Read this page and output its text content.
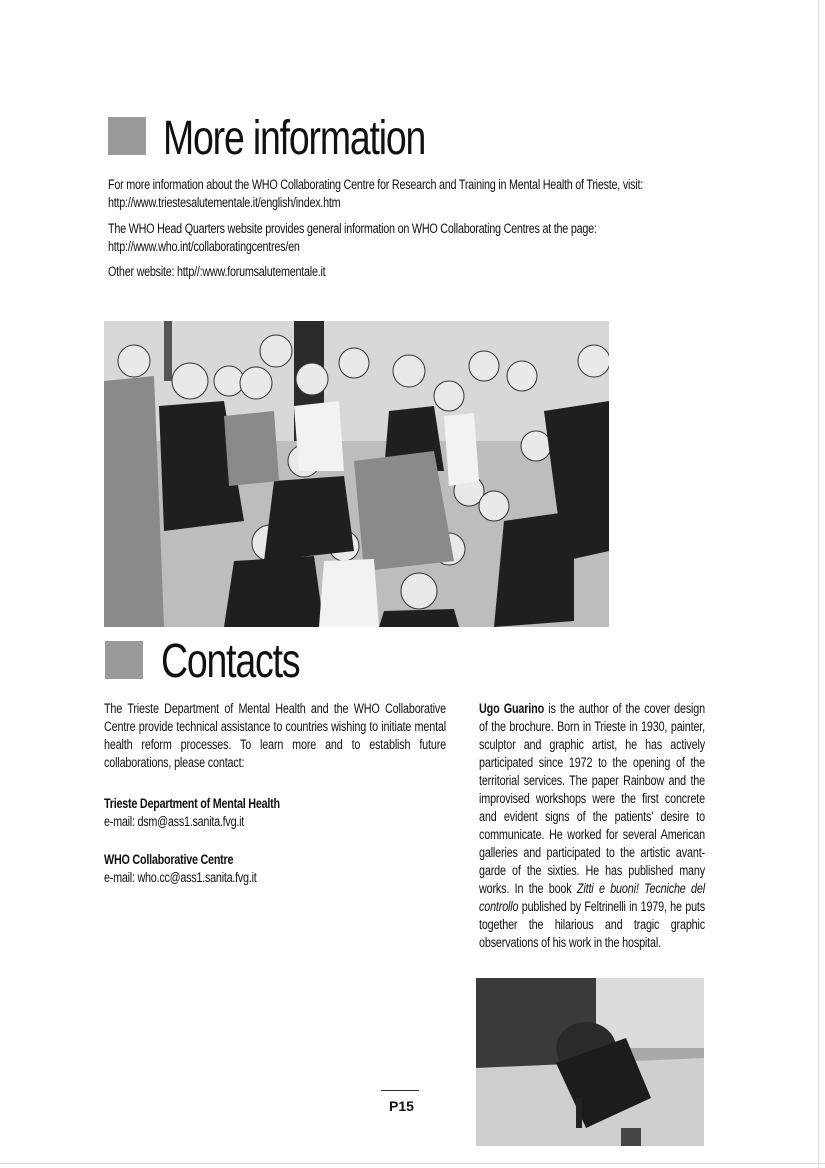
More information
For more information about the WHO Collaborating Centre for Research and Training in Mental Health of Trieste, visit:
http://www.triestesalutementale.it/english/index.htm
The WHO Head Quarters website provides general information on WHO Collaborating Centres at the page:
http://www.who.int/collaboratingcentres/en
Other website: http//:www.forumsalutementale.it
Contacts
The Trieste Department of Mental Health and the WHO Collaborative Centre provide technical assistance to countries wishing to initiate mental health reform processes. To learn more and to establish future collaborations, please contact:
Trieste Department of Mental Health
e-mail: dsm@ass1.sanita.fvg.it
WHO Collaborative Centre
e-mail: who.cc@ass1.sanita.fvg.it
Ugo Guarino is the author of the cover design of the brochure. Born in Trieste in 1930, painter, sculptor and graphic artist, he has actively participated since 1972 to the opening of the territorial services. The paper Rainbow and the improvised workshops were the first concrete and evident signs of the patients' desire to communicate. He worked for several American galleries and participated to the artistic avant-garde of the sixties. He has published many works. In the book Zitti e buoni! Tecniche del controllo published by Feltrinelli in 1979, he puts together the hilarious and tragic graphic observations of his work in the hospital.
P15
